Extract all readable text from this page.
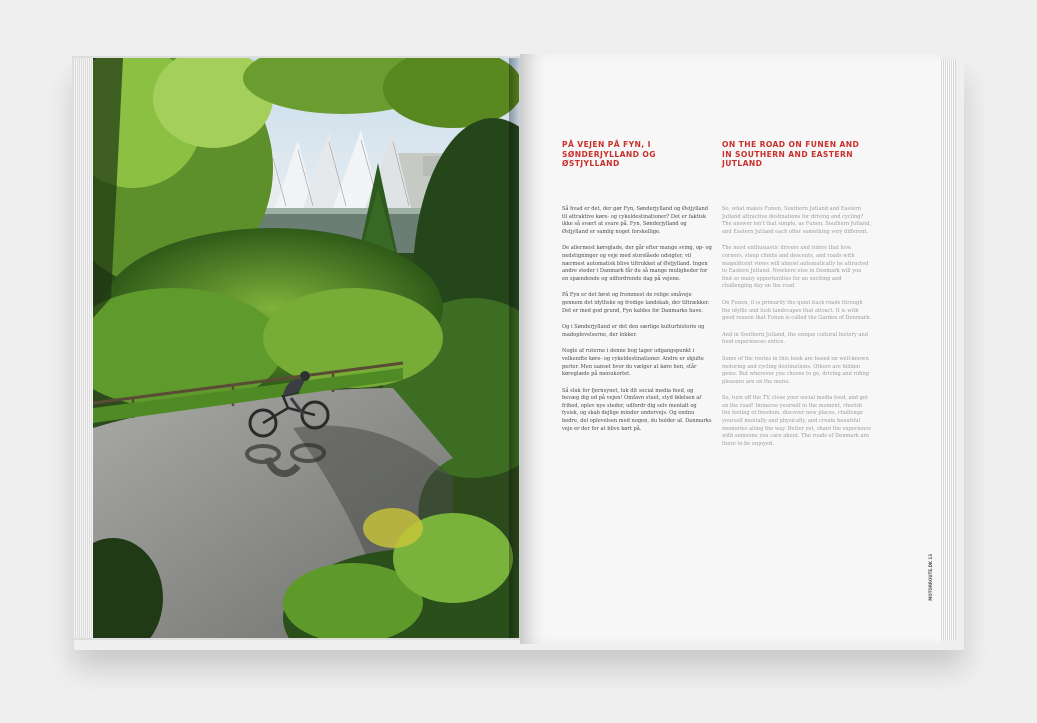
PÅ VEJEN PÅ FYN, I SØNDERJYLLAND OG ØSTJYLLAND

Så hvad er det, der gør Fyn, Sønderjylland og Østjylland til attraktive køre- og cykeldestinationer? Det er faktisk ikke så svært at svare på. Fyn, Sønderjylland og Østjylland er samlig noget forskellige.

De allermest kørsglade, der går efter mange sving, op- og nedstigninger og veje med storslåede udsigter, vil nærmest automatisk blive tiltrukket af Østjylland. Ingen andre steder i Danmark får du så mange muligheder for en spændende og udfordrende dag på vejene.

På Fyn er det først og fremmest de rolige småveje gennem det idylliske og frodige landskab, der tiltrækker. Det er med god grund, Fyn kaldes for Danmarks have.

Og i Sønderjylland er det den særlige kulturhistorie og madoplevelserne, der lokker.

Nogle af ruterne i denne bog tager udgangspunkt i velkendte køre- og cykeldestinationer. Andre er skjulte perler. Men uanset hvor du vælger at køre hen, står køreglæde på menukortet.

Så sluk for fjernsynet, luk dit social media feed, og bevæg dig ud på vejen! Omfavn stuet, styd følelsen af frihed, oplev nye steder, udfordr dig selv mentalt og fysisk, og skab dejlige minder undervejs. Og endnu bedre, del oplevelsen med nogen, du holder af. Danmarks veje er der for at blive kørt på.

ON THE ROAD ON FUNEN AND IN SOUTHERN AND EASTERN JUTLAND

So, what makes Funen, Southern Jutland and Eastern Jutland attractive destinations for driving and cycling? The answer isn't that simple, as Funen, Southern Jutland, and Eastern Jutland each offer something very different.

The most enthusiastic drivers and riders that love corners, steep climbs and descents, and roads with magnificent views will almost automatically be attracted to Eastern Jutland. Nowhere else in Denmark will you find so many opportunities for an exciting and challenging day on the road.

On Funen, it is primarily the quiet back roads through the idyllic and lush landscapes that attract. It is with good reason that Funen is called the Garden of Denmark.

And in Southern Jutland, the unique cultural history and food experiences entice.

Some of the routes in this book are based on well-known motoring and cycling destinations. Others are hidden gems. But wherever you choose to go, driving and riding pleasure are on the menu.

So, turn off the TV, close your social media feed, and get on the road! Immerse yourself in the moment, cherish the feeling of freedom, discover new places, challenge yourself mentally and physically, and create beautiful memories along the way. Better yet, share the experience with someone you care about. The roads of Denmark are there to be enjoyed.

MOTORROUTE.DK 13
